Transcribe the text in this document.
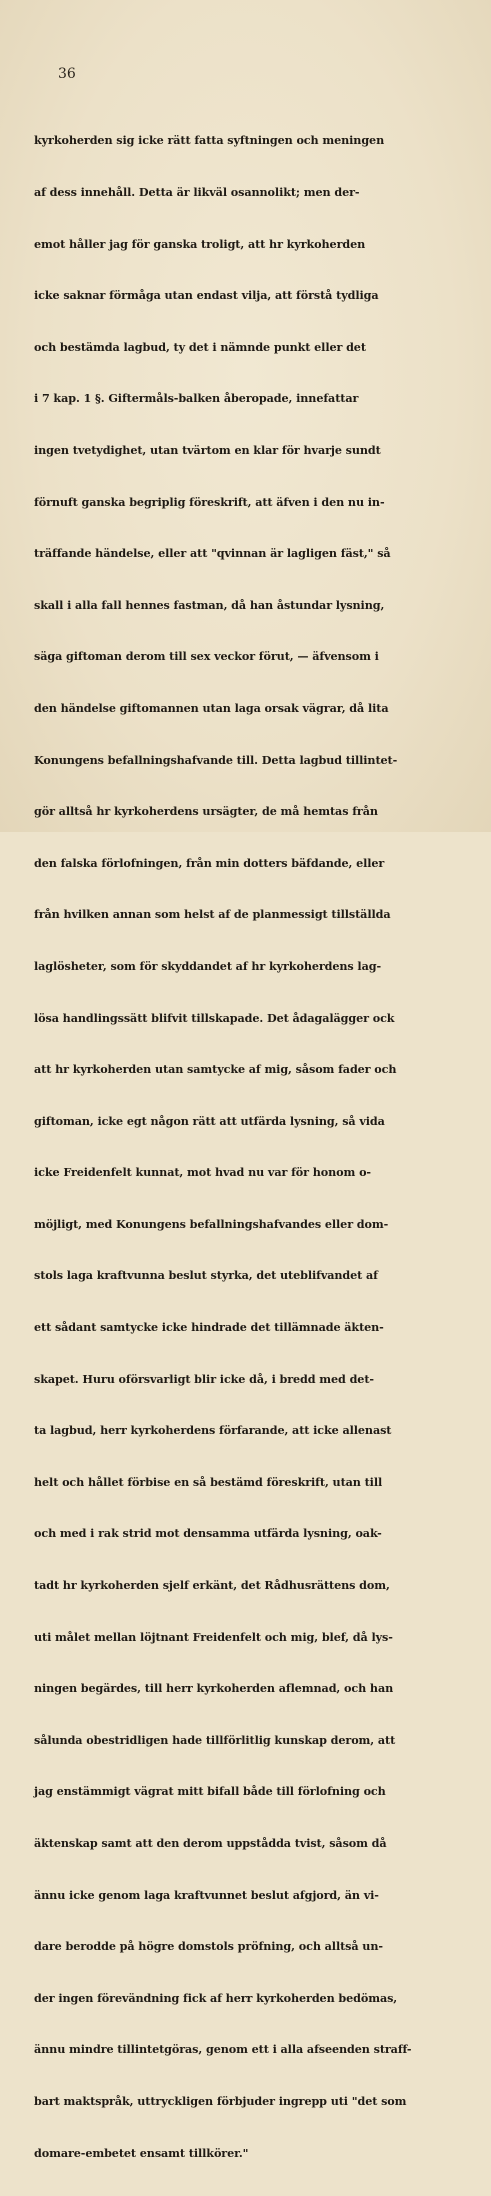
36

kyrkoherden sig icke rätt fatta syftningen och meningen

af dess innehåll. Detta är likväl osannolikt; men der-

emot håller jag för ganska troligt, att hr kyrkoherden

icke saknar förmåga utan endast vilja, att förstå tydliga

och bestämda lagbud, ty det i nämnde punkt eller det

i 7 kap. 1 §. Giftermåls-balken åberopade, innefattar

ingen tvetydighet, utan tvärtom en klar för hvarje sundt

förnuft ganska begriplig föreskrift, att äfven i den nu in-

träffande händelse, eller att "qvinnan är lagligen fäst," så

skall i alla fall hennes fastman, då han åstundar lysning,

säga giftoman derom till sex veckor förut, — äfvensom i

den händelse giftomannen utan laga orsak vägrar, då lita

Konungens befallningshafvande till. Detta lagbud tillintet-

gör alltså hr kyrkoherdens ursägter, de må hemtas från

den falska förlofningen, från min dotters bäfdande, eller

från hvilken annan som helst af de planmessigt tillställda

laglösheter, som för skyddandet af hr kyrkoherdens lag-

lösa handlingssätt blifvit tillskapade. Det ådagalägger ock

att hr kyrkoherden utan samtycke af mig, såsom fader och

giftoman, icke egt någon rätt att utfärda lysning, så vida

icke Freidenfelt kunnat, mot hvad nu var för honom o-

möjligt, med Konungens befallningshafvandes eller dom-

stols laga kraftvunna beslut styrka, det uteblifvandet af

ett sådant samtycke icke hindrade det tillämnade äkten-

skapet. Huru oförsvarligt blir icke då, i bredd med det-

ta lagbud, herr kyrkoherdens förfarande, att icke allenast

helt och hållet förbise en så bestämd föreskrift, utan till

och med i rak strid mot densamma utfärda lysning, oak-

tadt hr kyrkoherden sjelf erkänt, det Rådhusrättens dom,

uti målet mellan löjtnant Freidenfelt och mig, blef, då lys-

ningen begärdes, till herr kyrkoherden aflemnad, och han

sålunda obestridligen hade tillförlitlig kunskap derom, att

jag enstämmigt vägrat mitt bifall både till förlofning och

äktenskap samt att den derom uppstådda tvist, såsom då

ännu icke genom laga kraftvunnet beslut afgjord, än vi-

dare berodde på högre domstols pröfning, och alltså un-

der ingen förevändning fick af herr kyrkoherden bedömas,

ännu mindre tillintetgöras, genom ett i alla afseenden straff-

bart maktspråk, uttryckligen förbjuder ingrepp uti "det som

domare-embetet ensamt tillkörer."
